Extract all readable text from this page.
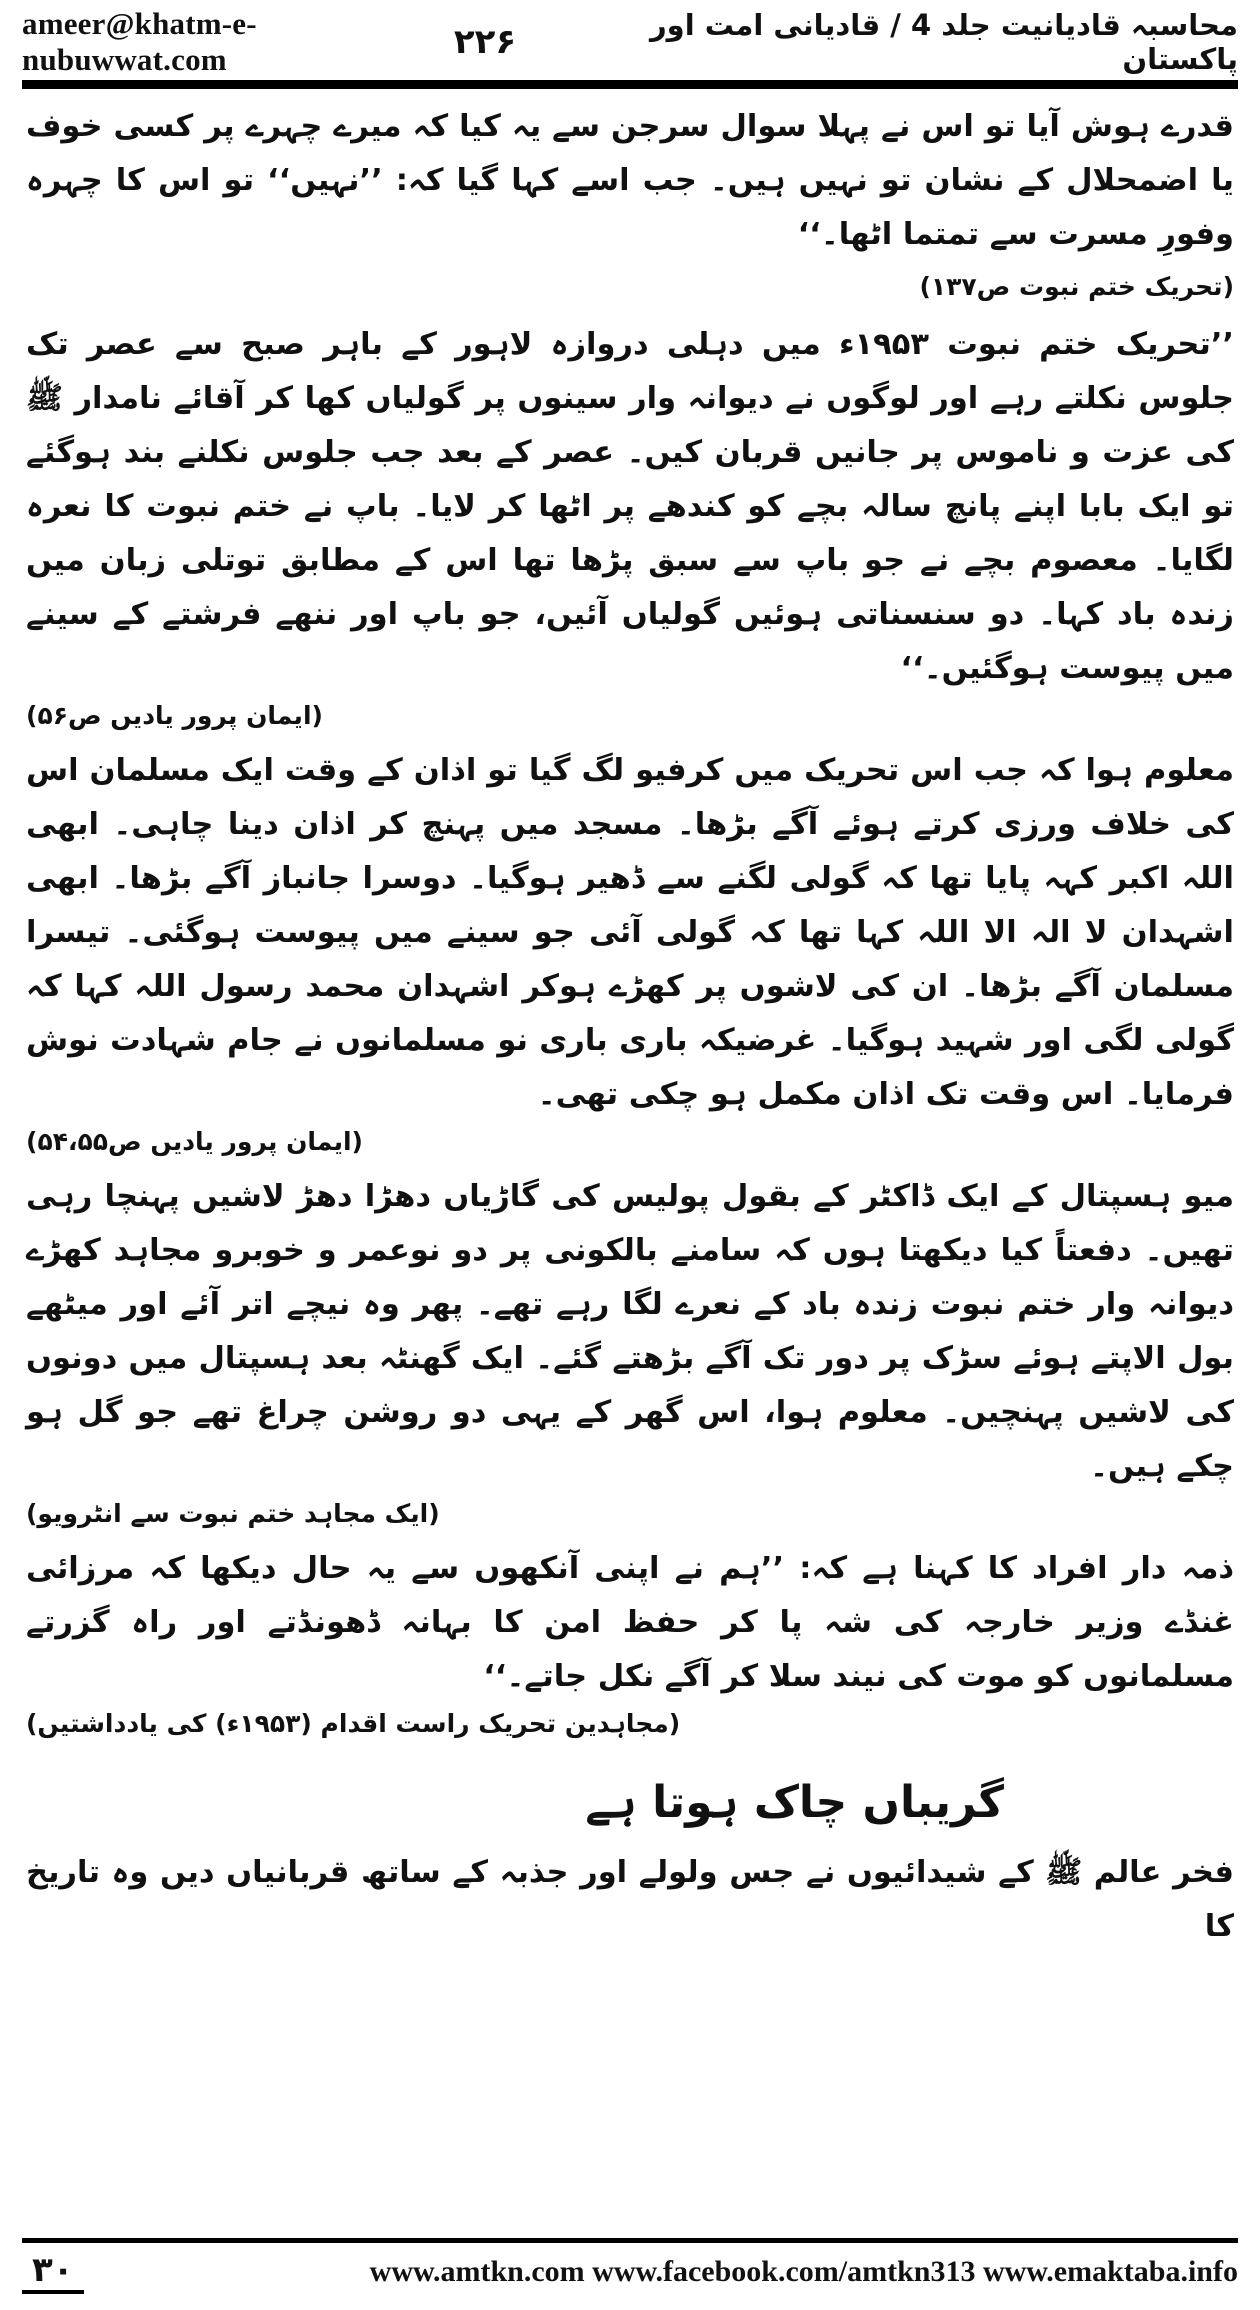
ameer@khatm-e-nubuwwat.com
محاسبہ قادیانیت جلد 4 / قادیانی امت اور پاکستان
۲۲۶

قدرے ہوش آیا تو اس نے پہلا سوال سرجن سے یہ کیا کہ میرے چہرے پر کسی خوف یا اضمحلال کے نشان تو نہیں ہیں۔ جب اسے کہا گیا کہ: ’’نہیں‘‘ تو اس کا چہرہ وفورِ مسرت سے تمتما اٹھا۔‘‘

(تحریک ختم نبوت ص۱۳۷)

’’تحریک ختم نبوت ۱۹۵۳ء میں دہلی دروازہ لاہور کے باہر صبح سے عصر تک جلوس نکلتے رہے اور لوگوں نے دیوانہ وار سینوں پر گولیاں کھا کر آقائے نامدار ﷺ کی عزت و ناموس پر جانیں قربان کیں۔ عصر کے بعد جب جلوس نکلنے بند ہوگئے تو ایک بابا اپنے پانچ سالہ بچے کو کندھے پر اٹھا کر لایا۔ باپ نے ختم نبوت کا نعرہ لگایا۔ معصوم بچے نے جو باپ سے سبق پڑھا تھا اس کے مطابق توتلی زبان میں زندہ باد کہا۔ دو سنسناتی ہوئیں گولیاں آئیں، جو باپ اور ننھے فرشتے کے سینے میں پیوست ہوگئیں۔‘‘

(ایمان پرور یادیں ص۵۶)

معلوم ہوا کہ جب اس تحریک میں کرفیو لگ گیا تو اذان کے وقت ایک مسلمان اس کی خلاف ورزی کرتے ہوئے آگے بڑھا۔ مسجد میں پہنچ کر اذان دینا چاہی۔ ابھی اللہ اکبر کہہ پایا تھا کہ گولی لگنے سے ڈھیر ہوگیا۔ دوسرا جانباز آگے بڑھا۔ ابھی اشہدان لا الہ الا اللہ کہا تھا کہ گولی آئی جو سینے میں پیوست ہوگئی۔ تیسرا مسلمان آگے بڑھا۔ ان کی لاشوں پر کھڑے ہوکر اشہدان محمد رسول اللہ کہا کہ گولی لگی اور شہید ہوگیا۔ غرضیکہ باری باری نو مسلمانوں نے جام شہادت نوش فرمایا۔ اس وقت تک اذان مکمل ہو چکی تھی۔

(ایمان پرور یادیں ص۵۴،۵۵)

میو ہسپتال کے ایک ڈاکٹر کے بقول پولیس کی گاڑیاں دھڑا دھڑ لاشیں پہنچا رہی تھیں۔ دفعتاً کیا دیکھتا ہوں کہ سامنے بالکونی پر دو نوعمر و خوبرو مجاہد کھڑے دیوانہ وار ختم نبوت زندہ باد کے نعرے لگا رہے تھے۔ پھر وہ نیچے اتر آئے اور میٹھے بول الاپتے ہوئے سڑک پر دور تک آگے بڑھتے گئے۔ ایک گھنٹہ بعد ہسپتال میں دونوں کی لاشیں پہنچیں۔ معلوم ہوا، اس گھر کے یہی دو روشن چراغ تھے جو گل ہو چکے ہیں۔

(ایک مجاہد ختم نبوت سے انٹرویو)

ذمہ دار افراد کا کہنا ہے کہ: ’’ہم نے اپنی آنکھوں سے یہ حال دیکھا کہ مرزائی غنڈے وزیر خارجہ کی شہ پا کر حفظ امن کا بہانہ ڈھونڈتے اور راہ گزرتے مسلمانوں کو موت کی نیند سلا کر آگے نکل جاتے۔‘‘

(مجاہدین تحریک راست اقدام (۱۹۵۳ء) کی یادداشتیں)

گریباں چاک ہوتا ہے

فخر عالم ﷺ کے شیدائیوں نے جس ولولے اور جذبہ کے ساتھ قربانیاں دیں وہ تاریخ کا

۳۰	www.amtkn.com www.facebook.com/amtkn313 www.emaktaba.info
